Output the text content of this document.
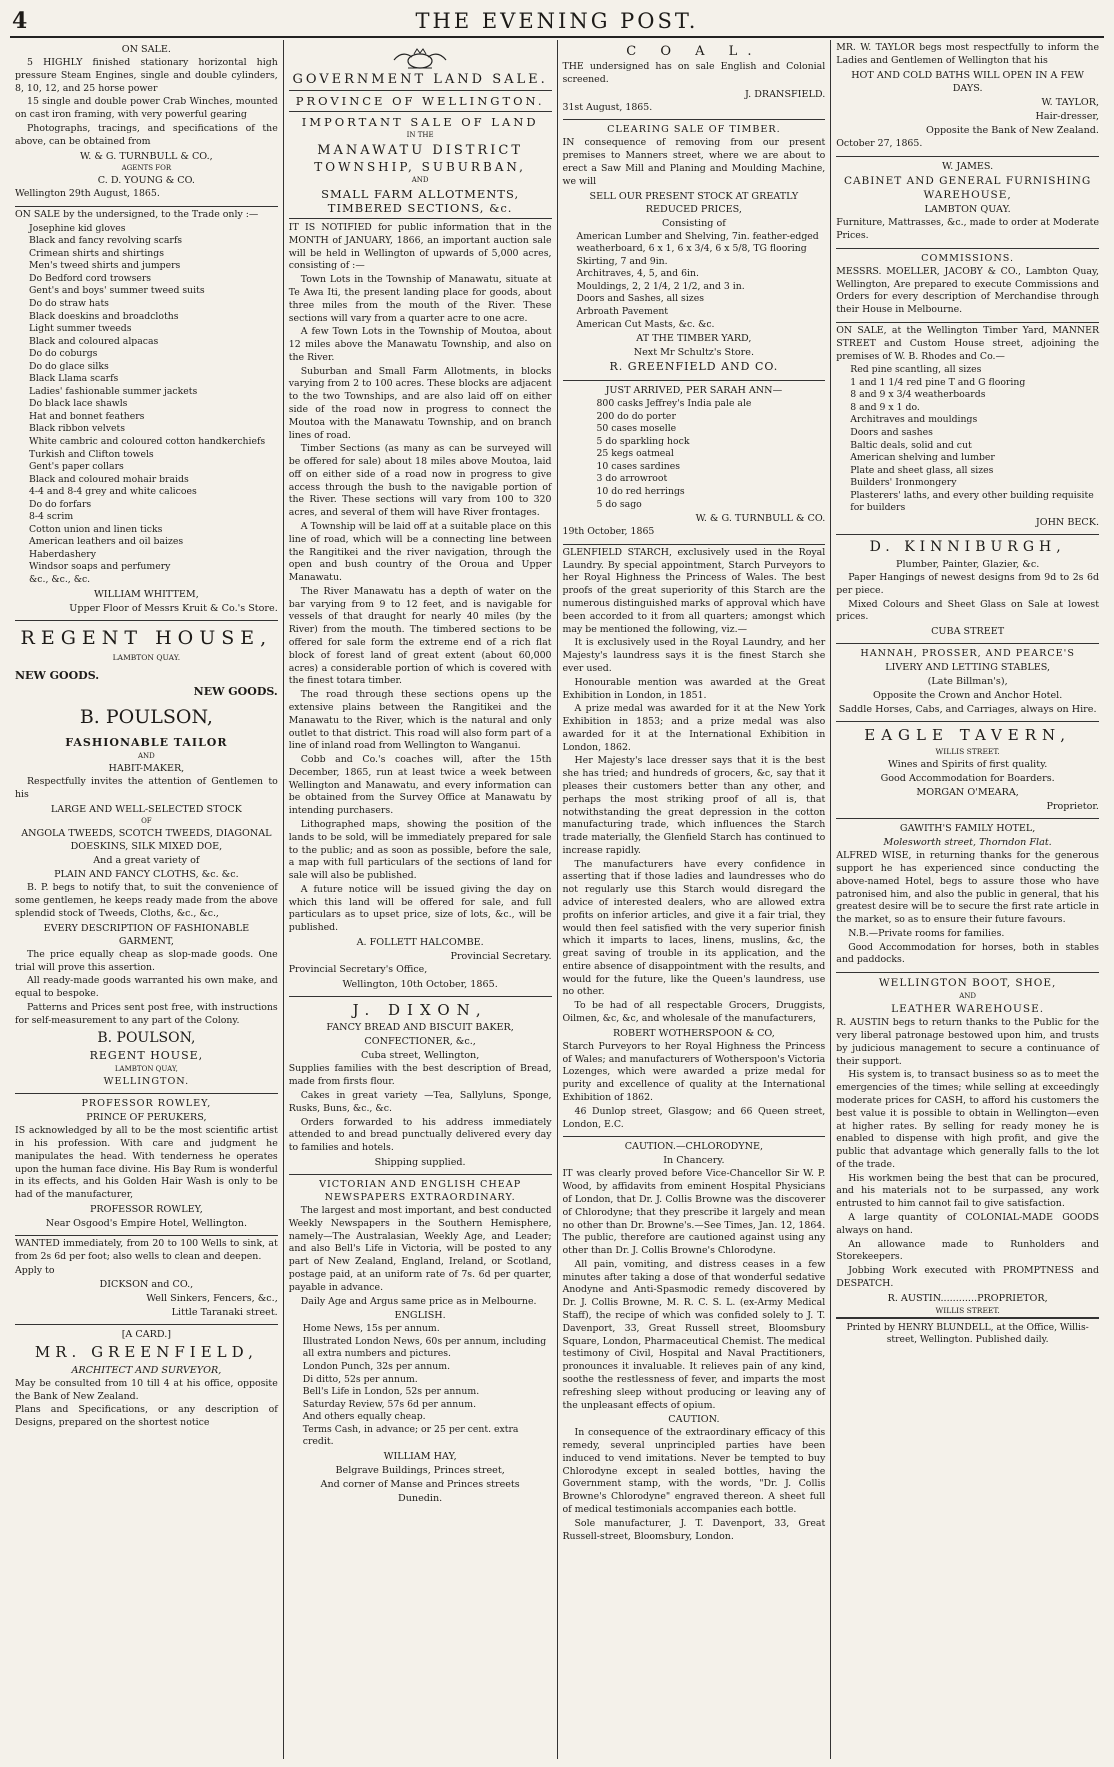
4	THE EVENING POST.
ON SALE.

5 HIGHLY finished stationary horizontal high pressure Steam Engines, single and double cylinders, 8, 10, 12, and 25 horse power

15 single and double power Crab Winches, mounted on cast iron framing, with very powerful gearing

Photographs, tracings, and specifications of the above, can be obtained from

W. & G. TURNBULL & CO.,
AGENTS FOR
C. D. YOUNG & CO.
Wellington 29th August, 1865.

ON SALE by the undersigned, to the Trade only :—

Josephine kid gloves
Black and fancy revolving scarfs
Crimean shirts and shirtings
Men's tweed shirts and jumpers
Do Bedford cord trowsers
Gent's and boys' summer tweed suits
Do do straw hats
Black doeskins and broadcloths
Light summer tweeds
Black and coloured alpacas
Do do coburgs
Do do glace silks
Black Llama scarfs
Ladies' fashionable summer jackets
Do black lace shawls
Hat and bonnet feathers
Black ribbon velvets
White cambric and coloured cotton handkerchiefs
Turkish and Clifton towels
Gent's paper collars
Black and coloured mohair braids
4-4 and 8-4 grey and white calicoes
Do do forfars
8-4 scrim
Cotton union and linen ticks
American leathers and oil baizes
Haberdashery
Windsor soaps and perfumery
&c., &c., &c.
WILLIAM WHITTEM,
Upper Floor of Messrs Kruit & Co.'s Store.
REGENT HOUSE,
LAMBTON QUAY.
NEW GOODS.
NEW GOODS.
B. POULSON,
FASHIONABLE TAILOR
AND
HABIT-MAKER,

Respectfully invites the attention of Gentlemen to his

LARGE AND WELL-SELECTED STOCK
OF
ANGOLA TWEEDS, SCOTCH TWEEDS, DIAGONAL DOESKINS, SILK MIXED DOE,
And a great variety of
PLAIN AND FANCY CLOTHS, &c. &c.

B. P. begs to notify that, to suit the convenience of some gentlemen, he keeps ready made from the above splendid stock of Tweeds, Cloths, &c., &c.,

EVERY DESCRIPTION OF FASHIONABLE GARMENT,

The price equally cheap as slop-made goods. One trial will prove this assertion.

All ready-made goods warranted his own make, and equal to bespoke.

Patterns and Prices sent post free, with instructions for self-measurement to any part of the Colony.

B. POULSON,
REGENT HOUSE,
LAMBTON QUAY,
WELLINGTON.
PROFESSOR ROWLEY,
PRINCE OF PERUKERS,

IS acknowledged by all to be the most scientific artist in his profession. With care and judgment he manipulates the head. With tenderness he operates upon the human face divine. His Bay Rum is wonderful in its effects, and his Golden Hair Wash is only to be had of the manufacturer,

PROFESSOR ROWLEY,
Near Osgood's Empire Hotel, Wellington.

WANTED immediately, from 20 to 100 Wells to sink, at from 2s 6d per foot; also wells to clean and deepen.

Apply to
DICKSON and CO.,
Well Sinkers, Fencers, &c.,
Little Taranaki street.
[A CARD.]
MR. GREENFIELD,
ARCHITECT AND SURVEYOR,

May be consulted from 10 till 4 at his office, opposite the Bank of New Zealand.

Plans and Specifications, or any description of Designs, prepared on the shortest notice

GOVERNMENT LAND SALE.
PROVINCE OF WELLINGTON.
IMPORTANT SALE OF LAND
IN THE
MANAWATU DISTRICT
TOWNSHIP, SUBURBAN,
AND
SMALL FARM ALLOTMENTS, TIMBERED SECTIONS, &c.

IT IS NOTIFIED for public information that in the MONTH of JANUARY, 1866, an important auction sale will be held in Wellington of upwards of 5,000 acres, consisting of :—

Town Lots in the Township of Manawatu, situate at Te Awa Iti, the present landing place for goods, about three miles from the mouth of the River. These sections will vary from a quarter acre to one acre.

A few Town Lots in the Township of Moutoa, about 12 miles above the Manawatu Township, and also on the River.

Suburban and Small Farm Allotments, in blocks varying from 2 to 100 acres. These blocks are adjacent to the two Townships, and are also laid off on either side of the road now in progress to connect the Moutoa with the Manawatu Township, and on branch lines of road.

Timber Sections (as many as can be surveyed will be offered for sale) about 18 miles above Moutoa, laid off on either side of a road now in progress to give access through the bush to the navigable portion of the River. These sections will vary from 100 to 320 acres, and several of them will have River frontages.

A Township will be laid off at a suitable place on this line of road, which will be a connecting line between the Rangitikei and the river navigation, through the open and bush country of the Oroua and Upper Manawatu.

The River Manawatu has a depth of water on the bar varying from 9 to 12 feet, and is navigable for vessels of that draught for nearly 40 miles (by the River) from the mouth. The timbered sections to be offered for sale form the extreme end of a rich flat block of forest land of great extent (about 60,000 acres) a considerable portion of which is covered with the finest totara timber.

The road through these sections opens up the extensive plains between the Rangitikei and the Manawatu to the River, which is the natural and only outlet to that district. This road will also form part of a line of inland road from Wellington to Wanganui.

Cobb and Co.'s coaches will, after the 15th December, 1865, run at least twice a week between Wellington and Manawatu, and every information can be obtained from the Survey Office at Manawatu by intending purchasers.

Lithographed maps, showing the position of the lands to be sold, will be immediately prepared for sale to the public; and as soon as possible, before the sale, a map with full particulars of the sections of land for sale will also be published.

A future notice will be issued giving the day on which this land will be offered for sale, and full particulars as to upset price, size of lots, &c., will be published.

A. FOLLETT HALCOMBE.
Provincial Secretary.
Provincial Secretary's Office,
Wellington, 10th October, 1865.
J. DIXON,
FANCY BREAD AND BISCUIT BAKER,
CONFECTIONER, &c.,
Cuba street, Wellington,

Supplies families with the best description of Bread, made from firsts flour.

Cakes in great variety —Tea, Sallyluns, Sponge, Rusks, Buns, &c., &c.

Orders forwarded to his address immediately attended to and bread punctually delivered every day to families and hotels.

Shipping supplied.
VICTORIAN AND ENGLISH CHEAP NEWSPAPERS EXTRAORDINARY.

The largest and most important, and best conducted Weekly Newspapers in the Southern Hemisphere, namely—The Australasian, Weekly Age, and Leader; and also Bell's Life in Victoria, will be posted to any part of New Zealand, England, Ireland, or Scotland, postage paid, at an uniform rate of 7s. 6d per quarter, payable in advance.

Daily Age and Argus same price as in Melbourne.

ENGLISH.
Home News, 15s per annum.
Illustrated London News, 60s per annum, including all extra numbers and pictures.
London Punch, 32s per annum.
Di ditto, 52s per annum.
Bell's Life in London, 52s per annum.
Saturday Review, 57s 6d per annum.
And others equally cheap.
Terms Cash, in advance; or 25 per cent. extra credit.
WILLIAM HAY,
Belgrave Buildings, Princes street,
And corner of Manse and Princes streets
Dunedin.
C O A L.

THE undersigned has on sale English and Colonial screened.

J. DRANSFIELD.
31st August, 1865.
CLEARING SALE OF TIMBER.

IN consequence of removing from our present premises to Manners street, where we are about to erect a Saw Mill and Planing and Moulding Machine, we will

SELL OUR PRESENT STOCK AT GREATLY REDUCED PRICES,
Consisting of
American Lumber and Shelving, 7in. feather-edged weatherboard, 6 x 1, 6 x 3/4, 6 x 5/8, TG flooring
Skirting, 7 and 9in.
Architraves, 4, 5, and 6in.
Mouldings, 2, 2 1/4, 2 1/2, and 3 in.
Doors and Sashes, all sizes
Arbroath Pavement
American Cut Masts, &c. &c.
AT THE TIMBER YARD,
Next Mr Schultz's Store.
R. GREENFIELD AND CO.
JUST ARRIVED, PER SARAH ANN—
800 casks Jeffrey's India pale ale
200 do do porter
50 cases moselle
5 do sparkling hock
25 kegs oatmeal
10 cases sardines
3 do arrowroot
10 do red herrings
5 do sago
W. & G. TURNBULL & CO.
19th October, 1865

GLENFIELD STARCH, exclusively used in the Royal Laundry. By special appointment, Starch Purveyors to her Royal Highness the Princess of Wales. The best proofs of the great superiority of this Starch are the numerous distinguished marks of approval which have been accorded to it from all quarters; amongst which may be mentioned the following, viz.—

It is exclusively used in the Royal Laundry, and her Majesty's laundress says it is the finest Starch she ever used.

Honourable mention was awarded at the Great Exhibition in London, in 1851.

A prize medal was awarded for it at the New York Exhibition in 1853; and a prize medal was also awarded for it at the International Exhibition in London, 1862.

Her Majesty's lace dresser says that it is the best she has tried; and hundreds of grocers, &c, say that it pleases their customers better than any other, and perhaps the most striking proof of all is, that notwithstanding the great depression in the cotton manufacturing trade, which influences the Starch trade materially, the Glenfield Starch has continued to increase rapidly.

The manufacturers have every confidence in asserting that if those ladies and laundresses who do not regularly use this Starch would disregard the advice of interested dealers, who are allowed extra profits on inferior articles, and give it a fair trial, they would then feel satisfied with the very superior finish which it imparts to laces, linens, muslins, &c, the great saving of trouble in its application, and the entire absence of disappointment with the results, and would for the future, like the Queen's laundress, use no other.

To be had of all respectable Grocers, Druggists, Oilmen, &c, &c, and wholesale of the manufacturers,

ROBERT WOTHERSPOON & CO,

Starch Purveyors to her Royal Highness the Princess of Wales; and manufacturers of Wotherspoon's Victoria Lozenges, which were awarded a prize medal for purity and excellence of quality at the International Exhibition of 1862.

46 Dunlop street, Glasgow; and 66 Queen street, London, E.C.

CAUTION.—CHLORODYNE,
In Chancery.

IT was clearly proved before Vice-Chancellor Sir W. P. Wood, by affidavits from eminent Hospital Physicians of London, that Dr. J. Collis Browne was the discoverer of Chlorodyne; that they prescribe it largely and mean no other than Dr. Browne's.—See Times, Jan. 12, 1864. The public, therefore are cautioned against using any other than Dr. J. Collis Browne's Chlorodyne.

All pain, vomiting, and distress ceases in a few minutes after taking a dose of that wonderful sedative Anodyne and Anti-Spasmodic remedy discovered by Dr. J. Collis Browne, M. R. C. S. L. (ex-Army Medical Staff), the recipe of which was confided solely to J. T. Davenport, 33, Great Russell street, Bloomsbury Square, London, Pharmaceutical Chemist. The medical testimony of Civil, Hospital and Naval Practitioners, pronounces it invaluable. It relieves pain of any kind, soothe the restlessness of fever, and imparts the most refreshing sleep without producing or leaving any of the unpleasant effects of opium.

CAUTION.

In consequence of the extraordinary efficacy of this remedy, several unprincipled parties have been induced to vend imitations. Never be tempted to buy Chlorodyne except in sealed bottles, having the Government stamp, with the words, "Dr. J. Collis Browne's Chlorodyne" engraved thereon. A sheet full of medical testimonials accompanies each bottle.

Sole manufacturer, J. T. Davenport, 33, Great Russell-street, Bloomsbury, London.

MR. W. TAYLOR begs most respectfully to inform the Ladies and Gentlemen of Wellington that his

HOT AND COLD BATHS WILL OPEN IN A FEW DAYS.
W. TAYLOR,
Hair-dresser,
Opposite the Bank of New Zealand.
October 27, 1865.
W. JAMES.
CABINET AND GENERAL FURNISHING WAREHOUSE,
LAMBTON QUAY.

Furniture, Mattrasses, &c., made to order at Moderate Prices.

COMMISSIONS.

MESSRS. MOELLER, JACOBY & CO., Lambton Quay, Wellington, Are prepared to execute Commissions and Orders for every description of Merchandise through their House in Melbourne.

ON SALE, at the Wellington Timber Yard, MANNER STREET and Custom House street, adjoining the premises of W. B. Rhodes and Co.—

Red pine scantling, all sizes
1 and 1 1/4 red pine T and G flooring
8 and 9 x 3/4 weatherboards
8 and 9 x 1 do.
Architraves and mouldings
Doors and sashes
Baltic deals, solid and cut
American shelving and lumber
Plate and sheet glass, all sizes
Builders' Ironmongery
Plasterers' laths, and every other building requisite for builders
JOHN BECK.
D. KINNIBURGH,
Plumber, Painter, Glazier, &c.

Paper Hangings of newest designs from 9d to 2s 6d per piece.

Mixed Colours and Sheet Glass on Sale at lowest prices.

CUBA STREET
HANNAH, PROSSER, AND PEARCE'S
LIVERY AND LETTING STABLES,
(Late Billman's),
Opposite the Crown and Anchor Hotel.
Saddle Horses, Cabs, and Carriages, always on Hire.
EAGLE TAVERN,
WILLIS STREET.
Wines and Spirits of first quality.
Good Accommodation for Boarders.
MORGAN O'MEARA,
Proprietor.
GAWITH'S FAMILY HOTEL,
Molesworth street, Thorndon Flat.

ALFRED WISE, in returning thanks for the generous support he has experienced since conducting the above-named Hotel, begs to assure those who have patronised him, and also the public in general, that his greatest desire will be to secure the first rate article in the market, so as to ensure their future favours.

N.B.—Private rooms for families.

Good Accommodation for horses, both in stables and paddocks.

WELLINGTON BOOT, SHOE,
AND
LEATHER WAREHOUSE.

R. AUSTIN begs to return thanks to the Public for the very liberal patronage bestowed upon him, and trusts by judicious management to secure a continuance of their support.

His system is, to transact business so as to meet the emergencies of the times; while selling at exceedingly moderate prices for CASH, to afford his customers the best value it is possible to obtain in Wellington—even at higher rates. By selling for ready money he is enabled to dispense with high profit, and give the public that advantage which generally falls to the lot of the trade.

His workmen being the best that can be procured, and his materials not to be surpassed, any work entrusted to him cannot fail to give satisfaction.

A large quantity of COLONIAL-MADE GOODS always on hand.

An allowance made to Runholders and Storekeepers.

Jobbing Work executed with PROMPTNESS and DESPATCH.

R. AUSTIN............PROPRIETOR,
WILLIS STREET.
Printed by HENRY BLUNDELL, at the Office, Willis-street, Wellington. Published daily.
